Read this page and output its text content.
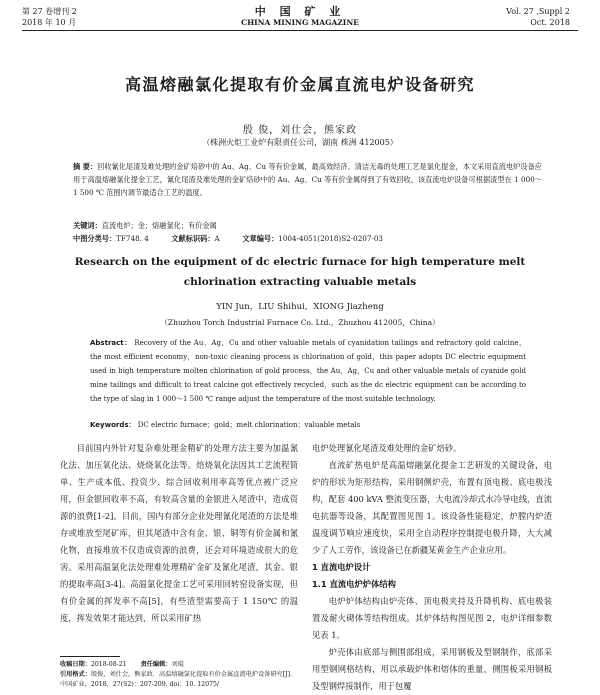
第 27 卷增刊 2
2018 年 10 月
中 国 矿 业
CHINA MINING MAGAZINE
Vol. 27 ,Suppl 2
Oct. 2018
高温熔融氯化提取有价金属直流电炉设备研究
殷 俊，刘仕会，熊家政
（株洲火炬工业炉有限责任公司，湖南 株洲 412005）
摘 要：回收氰化尾渣及难处理的金矿焙砂中的 Au、Ag、Cu 等有价金属，最高效经济、清洁无毒的处理工艺是氯化提金，本文采用直流电炉设备应用于高温熔融氯化提金工艺，氰化尾渣及难处理的金矿焙砂中的 Au、Ag、Cu 等有价金属得到了有效回收，该直流电炉设备可根据渣型在 1 000～1 500 ℃ 范围内调节最适合工艺的温度。
关键词：直流电炉；金；熔融氯化；有价金属
中图分类号：TF748. 4	文献标识码：A	文章编号：1004-4051(2018)S2-0207-03
Research on the equipment of dc electric furnace for high temperature melt chlorination extracting valuable metals
YIN Jun，LIU Shihui，XIONG Jiazheng
（Zhuzhou Torch Industrial Furnace Co. Ltd.，Zhuzhou 412005，China）
Abstract： Recovery of the Au，Ag，Cu and other valuable metals of cyanidation tailings and refractory gold calcine，the most efficient economy，non-toxic cleaning process is chlorination of gold，this paper adopts DC electric equipment used in high temperature molten chlorination of gold process，the Au，Ag，Cu and other valuable metals of cyanide gold mine tailings and difficult to treat calcine got effectively recycled，such as the dc electric equipment can be according to the type of slag in 1 000～1 500 ℃ range adjust the temperature of the most suitable technology.
Keywords： DC electric furnace；gold；melt chlorination；valuable metals

目前国内外针对复杂难处理金精矿的处理方法主要为加温氰化法、加压氧化法、烧烧氧化法等。焙烧氧化法因其工艺流程简单、生产成本低、投资少、综合回收利用率高等优点被广泛应用，但金银回收率不高，有较高含量的金银进入尾渣中，造成资源的浪费[1-2]。目前，国内有部分企业处理氰化尾渣的方法是堆存或堆放至尾矿库，但其尾渣中含有金、银、铜等有价金属和氰化物，直接堆放不仅造成资源的浪费，还会对环境造成很大的危害。采用高温氯化法处理难处理精矿金矿及氰化尾渣，其金、银的提取率高[3-4]。高温氯化提金工艺可采用回转窑设备实现，但有价金属的挥发率不高[5]，有些渣型需要高于 1 150℃ 的温度，挥发效果才能达到，所以采用矿热

电炉处理氰化尾渣及难处理的金矿焙砂。

直流矿热电炉是高温熔融氯化提金工艺研发的关键设备，电炉的形状为矩形结构，采用钢侧炉壳，布置有顶电极、底电极浅构，配套 400 kVA 整流变压器，大电流冷却式水冷导电线，直流电抗器等设备，其配置图见图 1。该设备性能稳定，炉膛内炉渣温度调节响应速度快，采用全自动程序控制提电极升降，大大减少了人工劳作，该设备已在新疆某黄金生产企业应用。

1 直流电炉设计

1.1 直流电炉炉体结构

电炉炉体结构由炉壳体、顶电极夹持及升降机构、底电极装置及耐火砌体等结构组成。其炉体结构图见图 2，电炉详细参数见表 1。

炉壳体由底部与侧围部组成，采用钢板及型钢制作，底部采用型钢网格结构，用以承载炉体和熔体的重量，侧围板采用钢板及型钢焊接制作，用于包覆

收稿日期：2018-08-21 责任编辑：刘琨
引用格式：殷俊，刘仕会，熊家政．高温熔融氯化提取有价金属直流电炉设备研究[J]．中国矿业，2018，27(S2)：207-209. doi：10. 12075/
